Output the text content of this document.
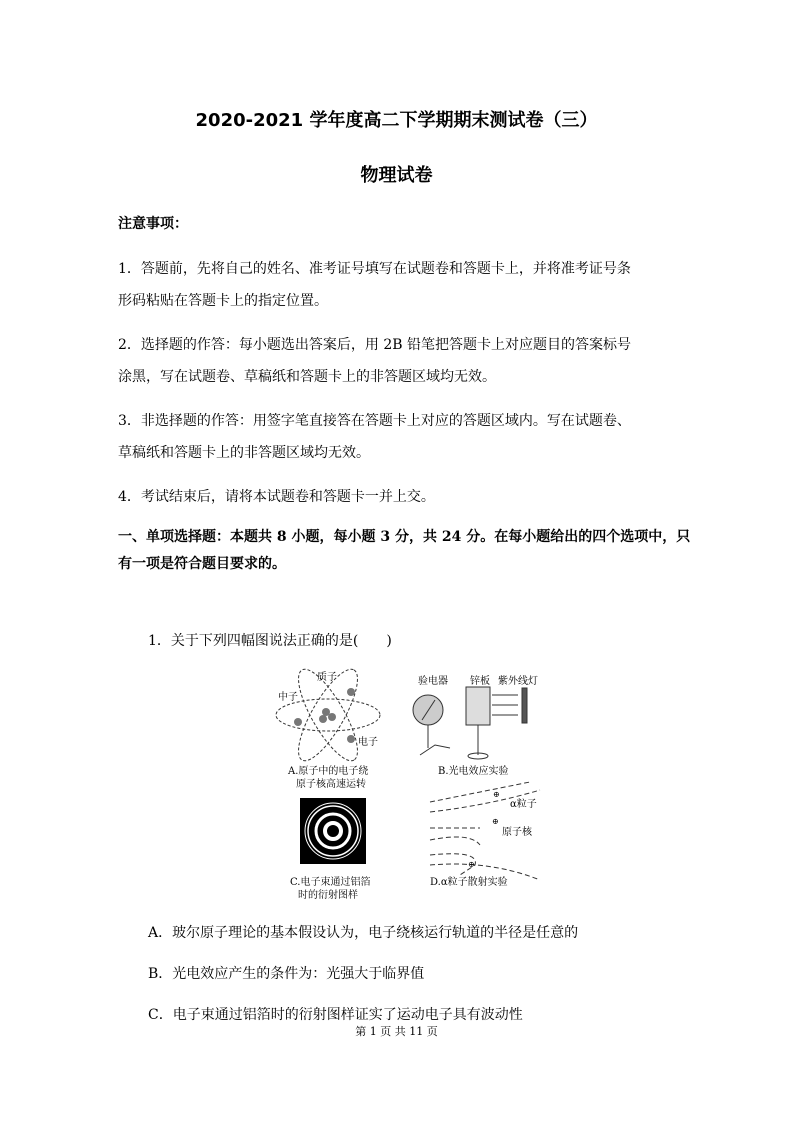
2020-2021 学年度高二下学期期末测试卷（三）
物理试卷
注意事项：
1．答题前，先将自己的姓名、准考证号填写在试题卷和答题卡上，并将准考证号条
形码粘贴在答题卡上的指定位置。
2．选择题的作答：每小题选出答案后，用 2B 铅笔把答题卡上对应题目的答案标号
涂黑，写在试题卷、草稿纸和答题卡上的非答题区域均无效。
3．非选择题的作答：用签字笔直接答在答题卡上对应的答题区域内。写在试题卷、
草稿纸和答题卡上的非答题区域均无效。
4．考试结束后，请将本试题卷和答题卡一并上交。
一、单项选择题：本题共 8 小题，每小题 3 分，共 24 分。在每小题给出的四个选项中，只
有一项是符合题目要求的。
1．关于下列四幅图说法正确的是(　　)
⊕
⊕
⊕
质子
中子
电子
验电器 锌板 紫外线灯
A.原子中的电子绕
原子核高速运转
B.光电效应实验
C.电子束通过铝箔
时的衍射图样
α粒子
原子核
D.α粒子散射实验
A．玻尔原子理论的基本假设认为，电子绕核运行轨道的半径是任意的
B．光电效应产生的条件为：光强大于临界值
C．电子束通过铝箔时的衍射图样证实了运动电子具有波动性
第 1 页 共 11 页
